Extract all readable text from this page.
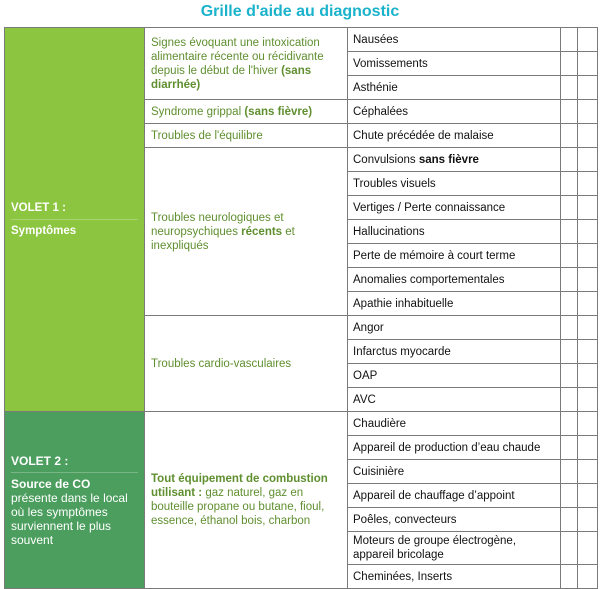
Grille d'aide au diagnostic
VOLET 1 :
Symptômes	Signes évoquant une intoxication alimentaire récente ou récidivante depuis le début de l'hiver (sans diarrhée)	Nausées		
		Vomissements		
		Asthénie		
	Syndrome grippal (sans fièvre)	Céphalées		
	Troubles de l'équilibre	Chute précédée de malaise		
	Troubles neurologiques et neuropsychiques récents et inexpliqués	Convulsions sans fièvre		
		Troubles visuels		
		Vertiges / Perte connaissance		
		Hallucinations		
		Perte de mémoire à court terme		
		Anomalies comportementales		
		Apathie inhabituelle		
	Troubles cardio-vasculaires	Angor		
		Infarctus myocarde		
		OAP		
		AVC		

VOLET 2 :
Source de CO présente dans le local où les symptômes surviennent le plus souvent	Tout équipement de combustion utilisant : gaz naturel, gaz en bouteille propane ou butane, fioul, essence, éthanol bois, charbon	Chaudière		
		Appareil de production d’eau chaude		
		Cuisinière		
		Appareil de chauffage d’appoint		
		Poêles, convecteurs		
		Moteurs de groupe électrogène, appareil bricolage		
		Cheminées, Inserts		
